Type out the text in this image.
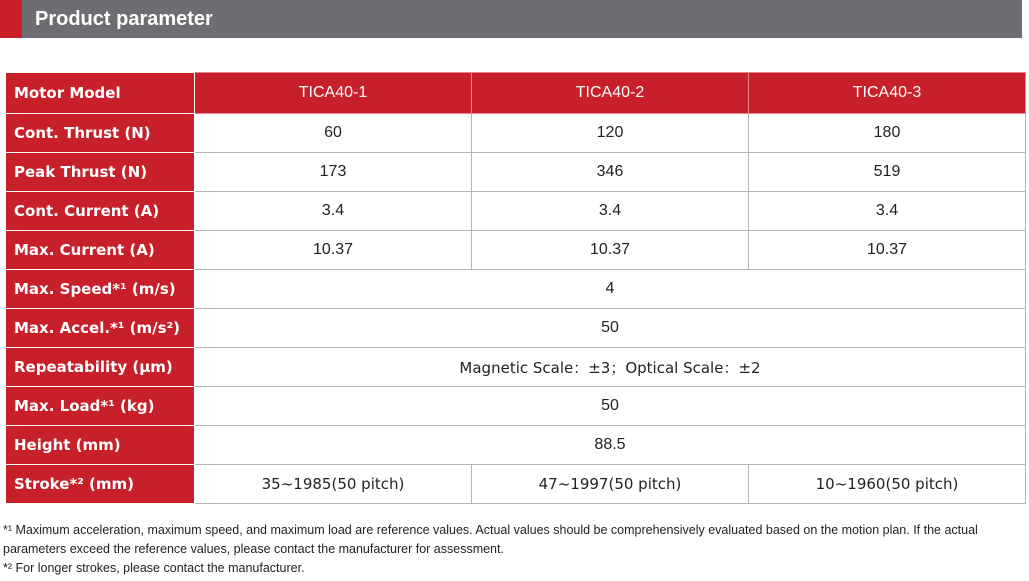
Product parameter
Motor Model	TICA40-1	TICA40-2	TICA40-3
Cont. Thrust (N)	60	120	180
Peak Thrust (N)	173	346	519
Cont. Current (A)	3.4	3.4	3.4
Max. Current (A)	10.37	10.37	10.37
Max. Speed*¹ (m/s)	4		
Max. Accel.*¹ (m/s²)	50		
Repeatability (μm)	Magnetic Scale：±3；Optical Scale：±2		
Max. Load*¹ (kg)	50		
Height (mm)	88.5		
Stroke*² (mm)	35~1985(50 pitch)	47~1997(50 pitch)	10~1960(50 pitch)

*¹ Maximum acceleration, maximum speed, and maximum load are reference values. Actual values should be comprehensively evaluated based on the motion plan. If the actual parameters exceed the reference values, please contact the manufacturer for assessment.

*² For longer strokes, please contact the manufacturer.
